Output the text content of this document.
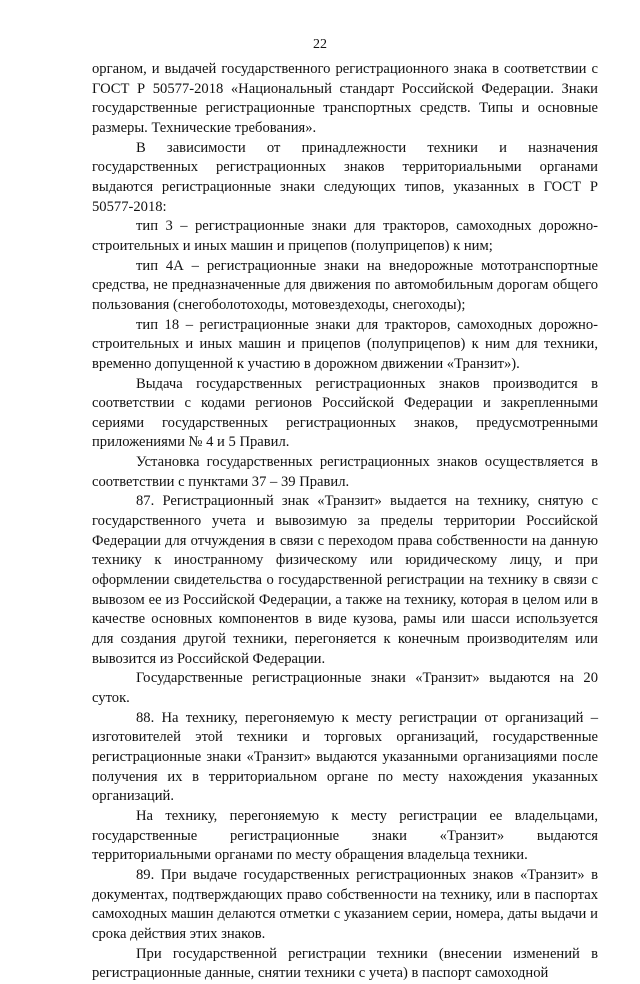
22

органом, и выдачей государственного регистрационного знака в соответствии с ГОСТ Р 50577-2018 «Национальный стандарт Российской Федерации. Знаки государственные регистрационные транспортных средств. Типы и основные размеры. Технические требования».

В зависимости от принадлежности техники и назначения государственных регистрационных знаков территориальными органами выдаются регистрационные знаки следующих типов, указанных в ГОСТ Р 50577-2018:

тип 3 – регистрационные знаки для тракторов, самоходных дорожно-строительных и иных машин и прицепов (полуприцепов) к ним;

тип 4А – регистрационные знаки на внедорожные мототранспортные средства, не предназначенные для движения по автомобильным дорогам общего пользования (снегоболотоходы, мотовездеходы, снегоходы);

тип 18 – регистрационные знаки для тракторов, самоходных дорожно-строительных и иных машин и прицепов (полуприцепов) к ним для техники, временно допущенной к участию в дорожном движении «Транзит»).

Выдача государственных регистрационных знаков производится в соответствии с кодами регионов Российской Федерации и закрепленными сериями государственных регистрационных знаков, предусмотренными приложениями № 4 и 5 Правил.

Установка государственных регистрационных знаков осуществляется в соответствии с пунктами 37 – 39 Правил.

87. Регистрационный знак «Транзит» выдается на технику, снятую с государственного учета и вывозимую за пределы территории Российской Федерации для отчуждения в связи с переходом права собственности на данную технику к иностранному физическому или юридическому лицу, и при оформлении свидетельства о государственной регистрации на технику в связи с вывозом ее из Российской Федерации, а также на технику, которая в целом или в качестве основных компонентов в виде кузова, рамы или шасси используется для создания другой техники, перегоняется к конечным производителям или вывозится из Российской Федерации.

Государственные регистрационные знаки «Транзит» выдаются на 20 суток.

88. На технику, перегоняемую к месту регистрации от организаций – изготовителей этой техники и торговых организаций, государственные регистрационные знаки «Транзит» выдаются указанными организациями после получения их в территориальном органе по месту нахождения указанных организаций.

На технику, перегоняемую к месту регистрации ее владельцами, государственные регистрационные знаки «Транзит» выдаются территориальными органами по месту обращения владельца техники.

89. При выдаче государственных регистрационных знаков «Транзит» в документах, подтверждающих право собственности на технику, или в паспортах самоходных машин делаются отметки с указанием серии, номера, даты выдачи и срока действия этих знаков.

При государственной регистрации техники (внесении изменений в регистрационные данные, снятии техники с учета) в паспорт самоходной
